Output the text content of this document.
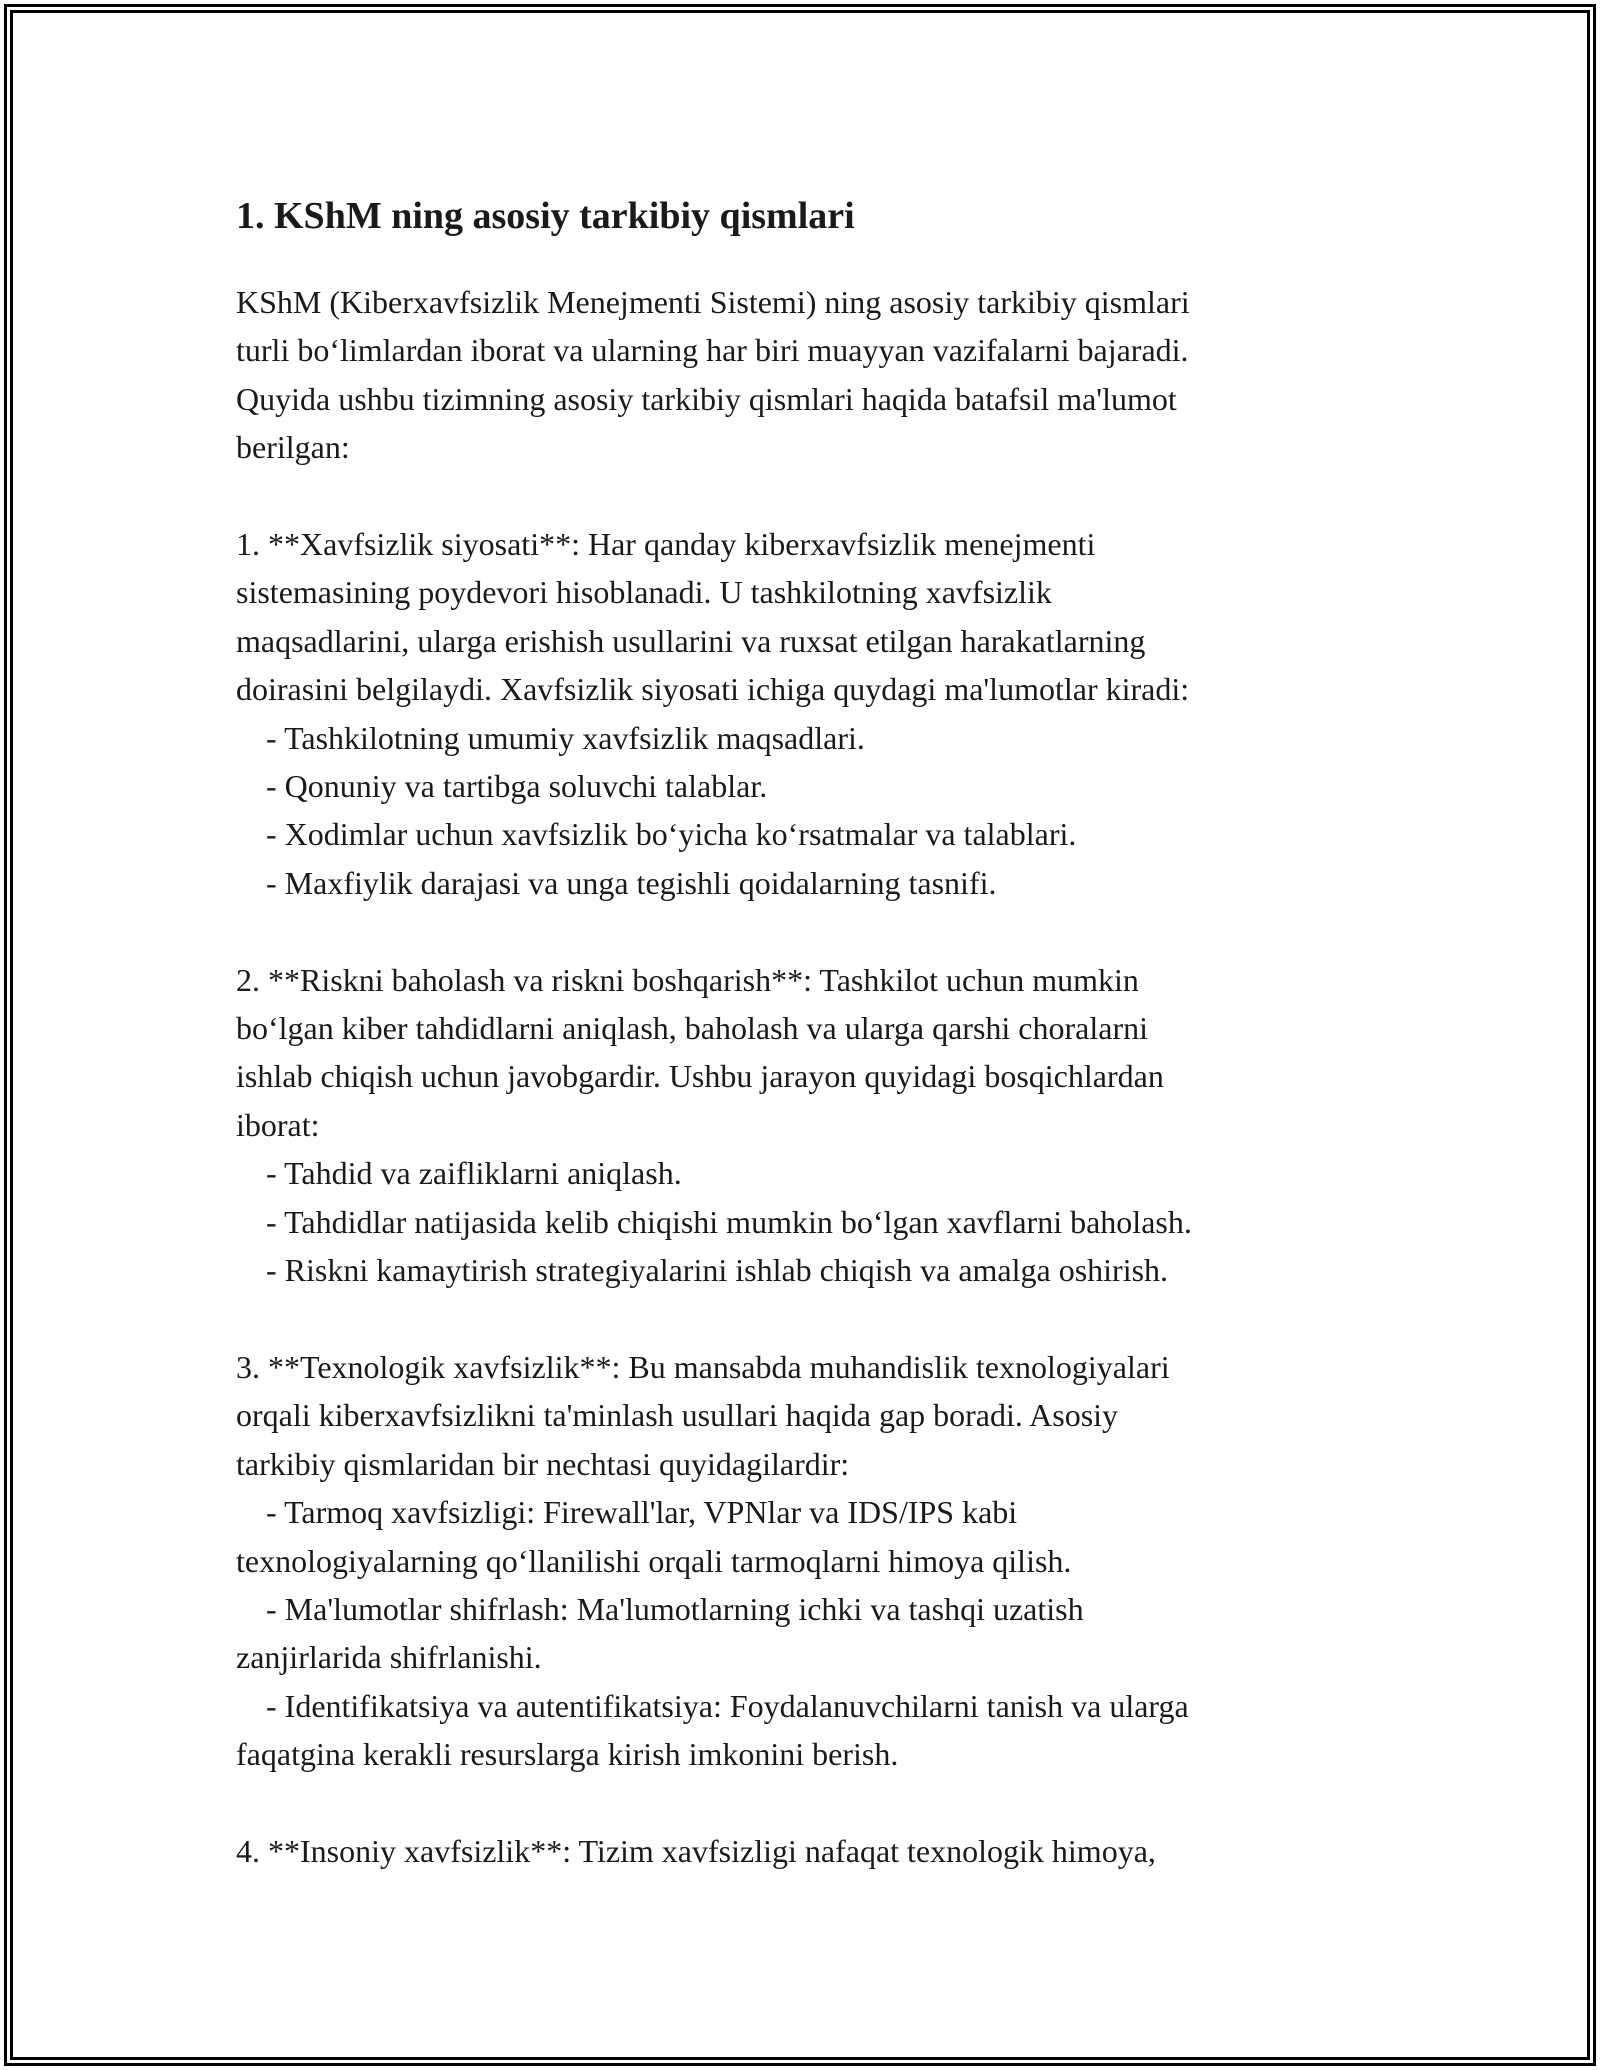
1. KShM ning asosiy tarkibiy qismlari

KShM (Kiberxavfsizlik Menejmenti Sistemi) ning asosiy tarkibiy qismlari

turli bo‘limlardan iborat va ularning har biri muayyan vazifalarni bajaradi.

Quyida ushbu tizimning asosiy tarkibiy qismlari haqida batafsil ma'lumot

berilgan:

1. **Xavfsizlik siyosati**: Har qanday kiberxavfsizlik menejmenti

sistemasining poydevori hisoblanadi. U tashkilotning xavfsizlik

maqsadlarini, ularga erishish usullarini va ruxsat etilgan harakatlarning

doirasini belgilaydi. Xavfsizlik siyosati ichiga quydagi ma'lumotlar kiradi:

- Tashkilotning umumiy xavfsizlik maqsadlari.

- Qonuniy va tartibga soluvchi talablar.

- Xodimlar uchun xavfsizlik bo‘yicha ko‘rsatmalar va talablari.

- Maxfiylik darajasi va unga tegishli qoidalarning tasnifi.

2. **Riskni baholash va riskni boshqarish**: Tashkilot uchun mumkin

bo‘lgan kiber tahdidlarni aniqlash, baholash va ularga qarshi choralarni

ishlab chiqish uchun javobgardir. Ushbu jarayon quyidagi bosqichlardan

iborat:

- Tahdid va zaifliklarni aniqlash.

- Tahdidlar natijasida kelib chiqishi mumkin bo‘lgan xavflarni baholash.

- Riskni kamaytirish strategiyalarini ishlab chiqish va amalga oshirish.

3. **Texnologik xavfsizlik**: Bu mansabda muhandislik texnologiyalari

orqali kiberxavfsizlikni ta'minlash usullari haqida gap boradi. Asosiy

tarkibiy qismlaridan bir nechtasi quyidagilardir:

- Tarmoq xavfsizligi: Firewall'lar, VPNlar va IDS/IPS kabi

texnologiyalarning qo‘llanilishi orqali tarmoqlarni himoya qilish.

- Ma'lumotlar shifrlash: Ma'lumotlarning ichki va tashqi uzatish

zanjirlarida shifrlanishi.

- Identifikatsiya va autentifikatsiya: Foydalanuvchilarni tanish va ularga

faqatgina kerakli resurslarga kirish imkonini berish.

4. **Insoniy xavfsizlik**: Tizim xavfsizligi nafaqat texnologik himoya,
